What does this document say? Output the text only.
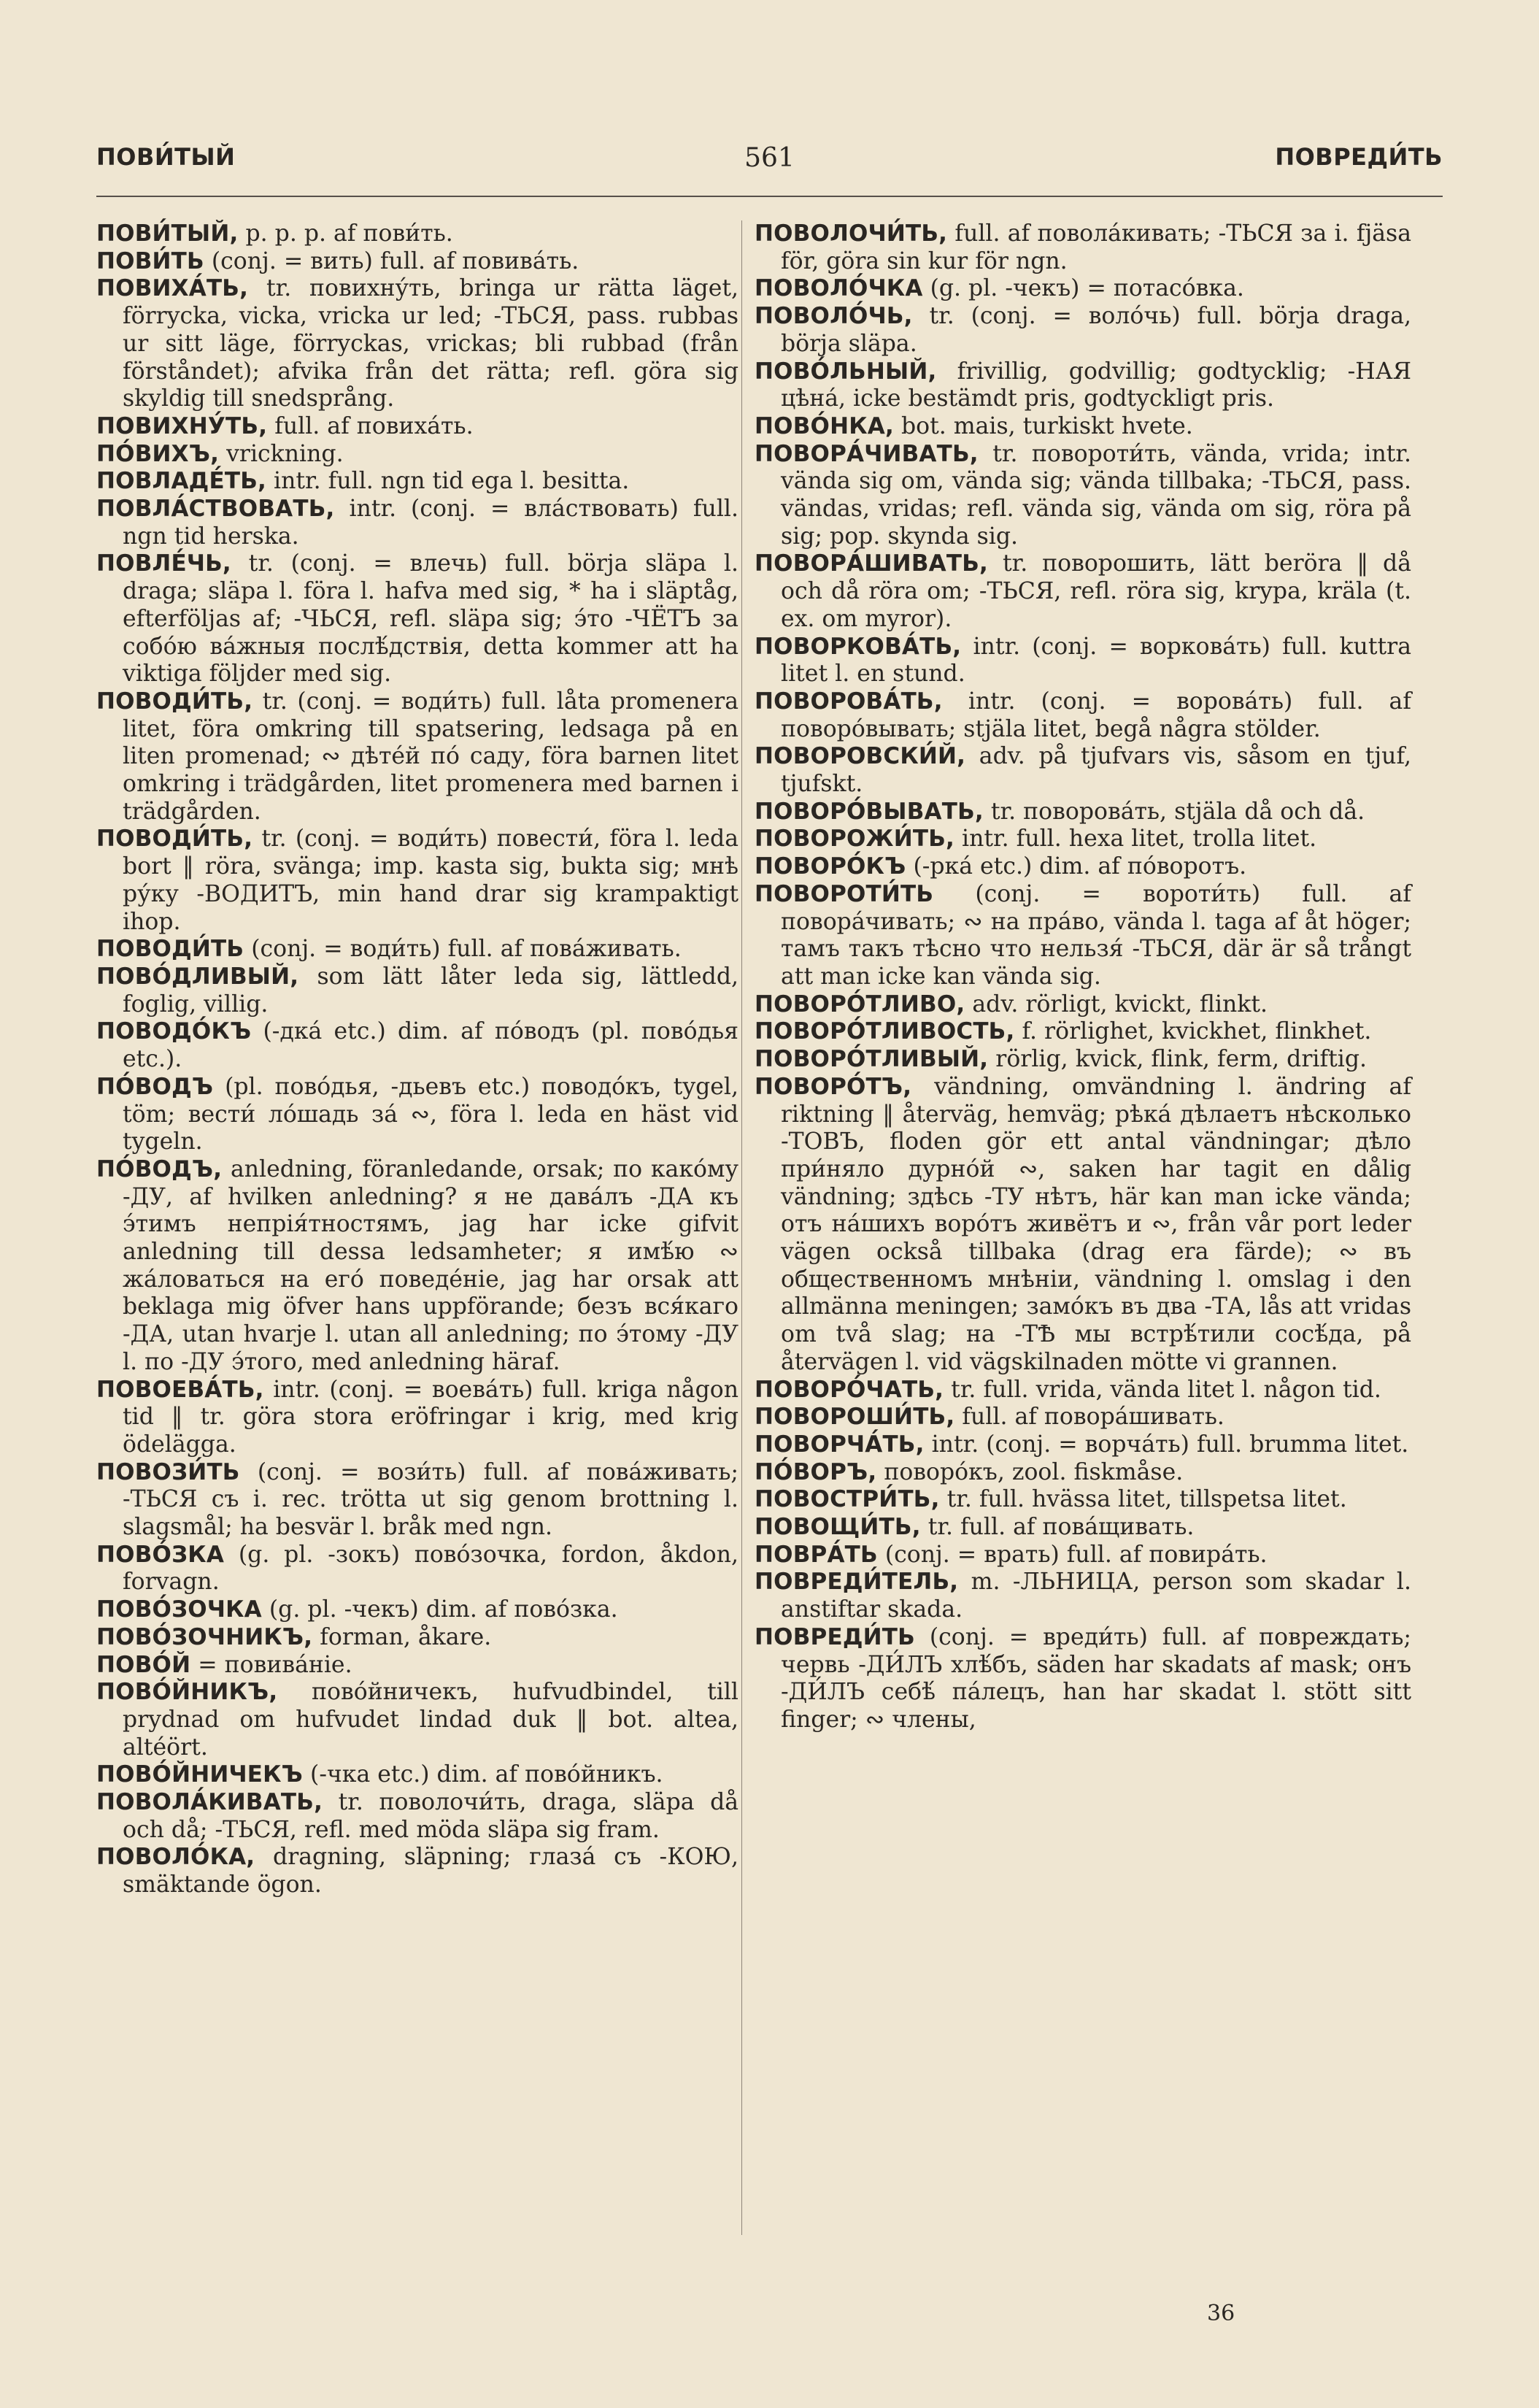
ПОВИ́ТЫЙ	561	ПОВРЕДИ́ТЬ

ПОВИ́ТЫЙ, p. p. p. af пови́ть.

ПОВИ́ТЬ (conj. = вить) full. af повива́ть.

ПОВИХА́ТЬ, tr. повихну́ть, bringa ur rätta läget, förrycka, vicka, vricka ur led; -ТЬСЯ, pass. rubbas ur sitt läge, förryckas, vrickas; bli rubbad (från förståndet); afvika från det rätta; refl. göra sig skyldig till snedsprång.

ПОВИХНУ́ТЬ, full. af повиха́ть.

ПО́ВИХЪ, vrickning.

ПОВЛАДЕ́ТЬ, intr. full. ngn tid ega l. besitta.

ПОВЛА́СТВОВАТЬ, intr. (conj. = вла́ствовать) full. ngn tid herska.

ПОВЛЕ́ЧЬ, tr. (conj. = влечь) full. börja släpa l. draga; släpa l. föra l. hafva med sig, * ha i släptåg, efterföljas af; -ЧЬСЯ, refl. släpa sig; э́то -ЧЁТЪ за собо́ю ва́жныя послѣ́дствія, detta kommer att ha viktiga följder med sig.

ПОВОДИ́ТЬ, tr. (conj. = води́ть) full. låta promenera litet, föra omkring till spatsering, ledsaga på en liten promenad; ∾ дѣте́й по́ саду, föra barnen litet omkring i trädgården, litet promenera med barnen i trädgården.

ПОВОДИ́ТЬ, tr. (conj. = води́ть) повести́, föra l. leda bort ‖ röra, svänga; imp. kasta sig, bukta sig; мнѣ ру́ку -ВОДИТЪ, min hand drar sig krampaktigt ihop.

ПОВОДИ́ТЬ (conj. = води́ть) full. af пова́живать.

ПОВО́ДЛИВЫЙ, som lätt låter leda sig, lättledd, foglig, villig.

ПОВОДО́КЪ (-дка́ etc.) dim. af по́водъ (pl. пово́дья etc.).

ПО́ВОДЪ (pl. пово́дья, -дьевъ etc.) поводо́къ, tygel, töm; вести́ ло́шадь за́ ∾, föra l. leda en häst vid tygeln.

ПО́ВОДЪ, anledning, föranledande, orsak; по како́му -ДУ, af hvilken anledning? я не дава́лъ -ДА къ э́тимъ непрія́тностямъ, jag har icke gifvit anledning till dessa ledsamheter; я имѣ́ю ∾ жа́ловаться на его́ поведе́ніе, jag har orsak att beklaga mig öfver hans uppförande; безъ вся́каго -ДА, utan hvarje l. utan all anledning; по э́тому -ДУ l. по -ДУ э́того, med anledning häraf.

ПОВОЕВА́ТЬ, intr. (conj. = воева́ть) full. kriga någon tid ‖ tr. göra stora eröfringar i krig, med krig ödelägga.

ПОВОЗИ́ТЬ (conj. = вози́ть) full. af пова́живать; -ТЬСЯ съ i. rec. trötta ut sig genom brottning l. slagsmål; ha besvär l. bråk med ngn.

ПОВО́ЗКА (g. pl. -зокъ) пово́зочка, fordon, åkdon, forvagn.

ПОВО́ЗОЧКА (g. pl. -чекъ) dim. af пово́зка.

ПОВО́ЗОЧНИКЪ, forman, åkare.

ПОВО́Й = повива́ніе.

ПОВО́ЙНИКЪ, пово́йничекъ, hufvudbindel, till prydnad om hufvudet lindad duk ‖ bot. altea, altéört.

ПОВО́ЙНИЧЕКЪ (-чка etc.) dim. af пово́йникъ.

ПОВОЛА́КИВАТЬ, tr. поволочи́ть, draga, släpa då och då; -ТЬСЯ, refl. med möda släpa sig fram.

ПОВОЛО́КА, dragning, släpning; глаза́ съ -КОЮ, smäktande ögon.

ПОВОЛОЧИ́ТЬ, full. af повола́кивать; -ТЬСЯ за i. fjäsa för, göra sin kur för ngn.

ПОВОЛО́ЧКА (g. pl. -чекъ) = потасо́вка.

ПОВОЛО́ЧЬ, tr. (conj. = воло́чь) full. börja draga, börja släpa.

ПОВО́ЛЬНЫЙ, frivillig, godvillig; godtycklig; -НАЯ цѣна́, icke bestämdt pris, godtyckligt pris.

ПОВО́НКА, bot. mais, turkiskt hvete.

ПОВОРА́ЧИВАТЬ, tr. повороти́ть, vända, vrida; intr. vända sig om, vända sig; vända tillbaka; -ТЬСЯ, pass. vändas, vridas; refl. vända sig, vända om sig, röra på sig; pop. skynda sig.

ПОВОРА́ШИВАТЬ, tr. поворошить, lätt beröra ‖ då och då röra om; -ТЬСЯ, refl. röra sig, krypa, kräla (t. ex. om myror).

ПОВОРКОВА́ТЬ, intr. (conj. = воркова́ть) full. kuttra litet l. en stund.

ПОВОРОВА́ТЬ, intr. (conj. = ворова́ть) full. af поворо́вывать; stjäla litet, begå några stölder.

ПОВОРОВСКИ́Й, adv. på tjufvars vis, såsom en tjuf, tjufskt.

ПОВОРО́ВЫВАТЬ, tr. поворова́ть, stjäla då och då.

ПОВОРОЖИ́ТЬ, intr. full. hexa litet, trolla litet.

ПОВОРО́КЪ (-рка́ etc.) dim. af по́воротъ.

ПОВОРОТИ́ТЬ (conj. = вороти́ть) full. af повора́чивать; ∾ на пра́во, vända l. taga af åt höger; тамъ такъ тѣсно что нельзя́ -ТЬСЯ, där är så trångt att man icke kan vända sig.

ПОВОРО́ТЛИВО, adv. rörligt, kvickt, flinkt.

ПОВОРО́ТЛИВОСТЬ, f. rörlighet, kvickhet, flinkhet.

ПОВОРО́ТЛИВЫЙ, rörlig, kvick, flink, ferm, driftig.

ПОВОРО́ТЪ, vändning, omvändning l. ändring af riktning ‖ återväg, hemväg; рѣка́ дѣлаетъ нѣсколько -ТОВЪ, floden gör ett antal vändningar; дѣло при́няло дурно́й ∾, saken har tagit en dålig vändning; здѣсь -ТУ нѣтъ, här kan man icke vända; отъ на́шихъ воро́тъ живётъ и ∾, från vår port leder vägen också tillbaka (drag era färde); ∾ въ общественномъ мнѣніи, vändning l. omslag i den allmänna meningen; замо́къ въ два -ТА, lås att vridas om två slag; на -ТѢ мы встрѣ́тили сосѣ́да, på återvägen l. vid vägskilnaden mötte vi grannen.

ПОВОРО́ЧАТЬ, tr. full. vrida, vända litet l. någon tid.

ПОВОРОШИ́ТЬ, full. af повора́шивать.

ПОВОРЧА́ТЬ, intr. (conj. = ворча́ть) full. brumma litet.

ПО́ВОРЪ, поворо́къ, zool. fiskmåse.

ПОВОСТРИ́ТЬ, tr. full. hvässa litet, tillspetsa litet.

ПОВОЩИ́ТЬ, tr. full. af пова́щивать.

ПОВРА́ТЬ (conj. = врать) full. af повира́ть.

ПОВРЕДИ́ТЕЛЬ, m. -ЛЬНИЦА, person som skadar l. anstiftar skada.

ПОВРЕДИ́ТЬ (conj. = вреди́ть) full. af повреждать; червь -ДИ́ЛЪ хлѣ́бъ, säden har skadats af mask; онъ -ДИ́ЛЪ себѣ́ па́лецъ, han har skadat l. stött sitt finger; ∾ члены,

36
